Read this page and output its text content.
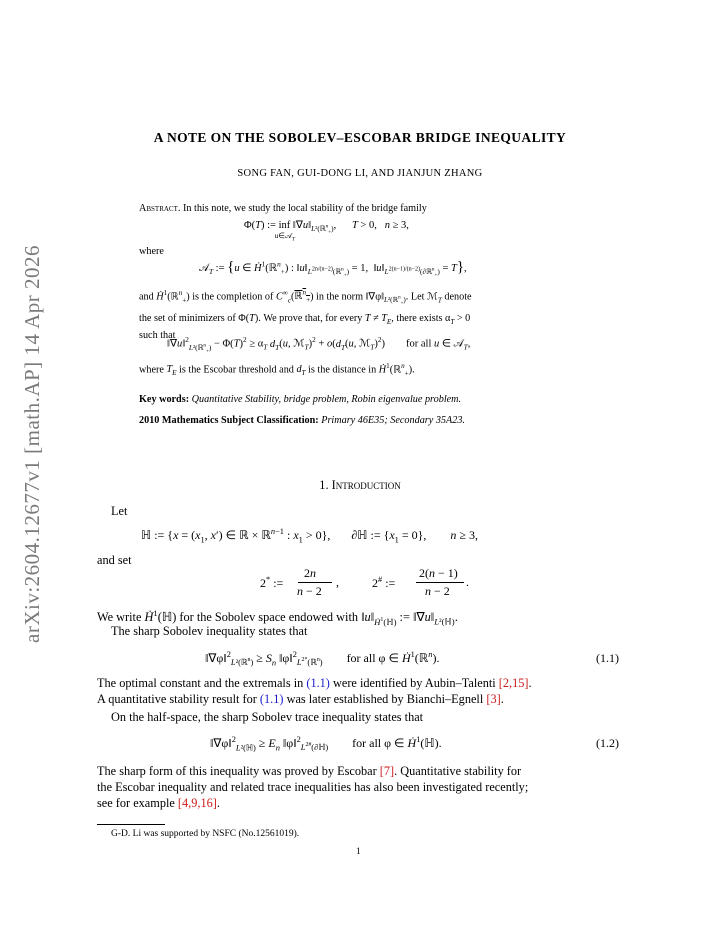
arXiv:2604.12677v1 [math.AP] 14 Apr 2026
A NOTE ON THE SOBOLEV–ESCOBAR BRIDGE INEQUALITY
SONG FAN, GUI-DONG LI, AND JIANJUN ZHANG
Abstract. In this note, we study the local stability of the bridge family
Φ(T) := inf
u∈𝒜$_T$
$‖\nabla u‖_{L^2(ℝ^n_+)}$,      T > 0,   n ≥ 3,
where
𝒜$_T$ := {u ∈ Ḣ$^1$(ℝ$^n_+$) : $‖u‖_{L^{2n/(n-2)}(ℝ^n_+)} = 1$,  $‖u‖_{L^{2(n-1)/(n-2)}(\partial ℝ^n_+)} = T$},
and Ḣ$^1$(ℝ$^n_+$) is the completion of $C^\infty_c(ℝ^n_+)$ in the norm $‖\nabla\varphi‖_{L^2(ℝ^n_+)}$. Let ℳ$_T$ denote
the set of minimizers of Φ(T). We prove that, for every $T \ne T_E$, there exists $\alpha_T > 0$
such that
‖∇u‖$^2_{L^2(ℝ^n_+)}$ − $\Phi(T)^2 \ge \alpha_T$ $d_T(u$, ℳ$_T$)$^2$ + $o(d_T(u$, ℳ$_T$)$^2$)        for all u ∈ 𝒜$_T$,
where $T_E$ is the Escobar threshold and $d_T$ is the distance in Ḣ$^1$(ℝ$^n_+$).
Key words: Quantitative Stability, bridge problem, Robin eigenvalue problem.
2010 Mathematics Subject Classification: Primary 46E35; Secondary 35A23.
1. Introduction
Let
ℍ := {$x = (x_1$, x′) ∈ ℝ × ℝ$^{n-1}$ : $x_1 > 0$},       ∂ℍ := $\{x_1 = 0\}$,        n ≥ 3,
and set
2* :=
2n
n − 2
,	2# :=
2(n − 1)
n − 2
.
We write Ḣ$^1$(ℍ) for the Sobolev space endowed with $‖u‖_{Ḣ^1(ℍ)}$ := $‖\nabla u‖_{L^2(ℍ)}$.
The sharp Sobolev inequality states that
‖∇φ‖$^2_{L^2(ℝ^n)}$ ≥ $S_n$ ‖φ‖$^2_{L^{2*}(ℝ^n)}$        for all φ ∈ Ḣ$^1$(ℝ$^n$).	(1.1)
The optimal constant and the extremals in (1.1) were identified by Aubin–Talenti [2,15].
A quantitative stability result for (1.1) was later established by Bianchi–Egnell [3].
On the half-space, the sharp Sobolev trace inequality states that
‖∇φ‖$^2_{L^2(ℍ)}$ ≥ $E_n$ ‖φ‖$^2_{L^{2\#}(\partial ℍ)}$        for all φ ∈ Ḣ$^1$(ℍ).	(1.2)
The sharp form of this inequality was proved by Escobar [7]. Quantitative stability for
the Escobar inequality and related trace inequalities has also been investigated recently;
see for example [4,9,16].
G-D. Li was supported by NSFC (No.12561019).
1
